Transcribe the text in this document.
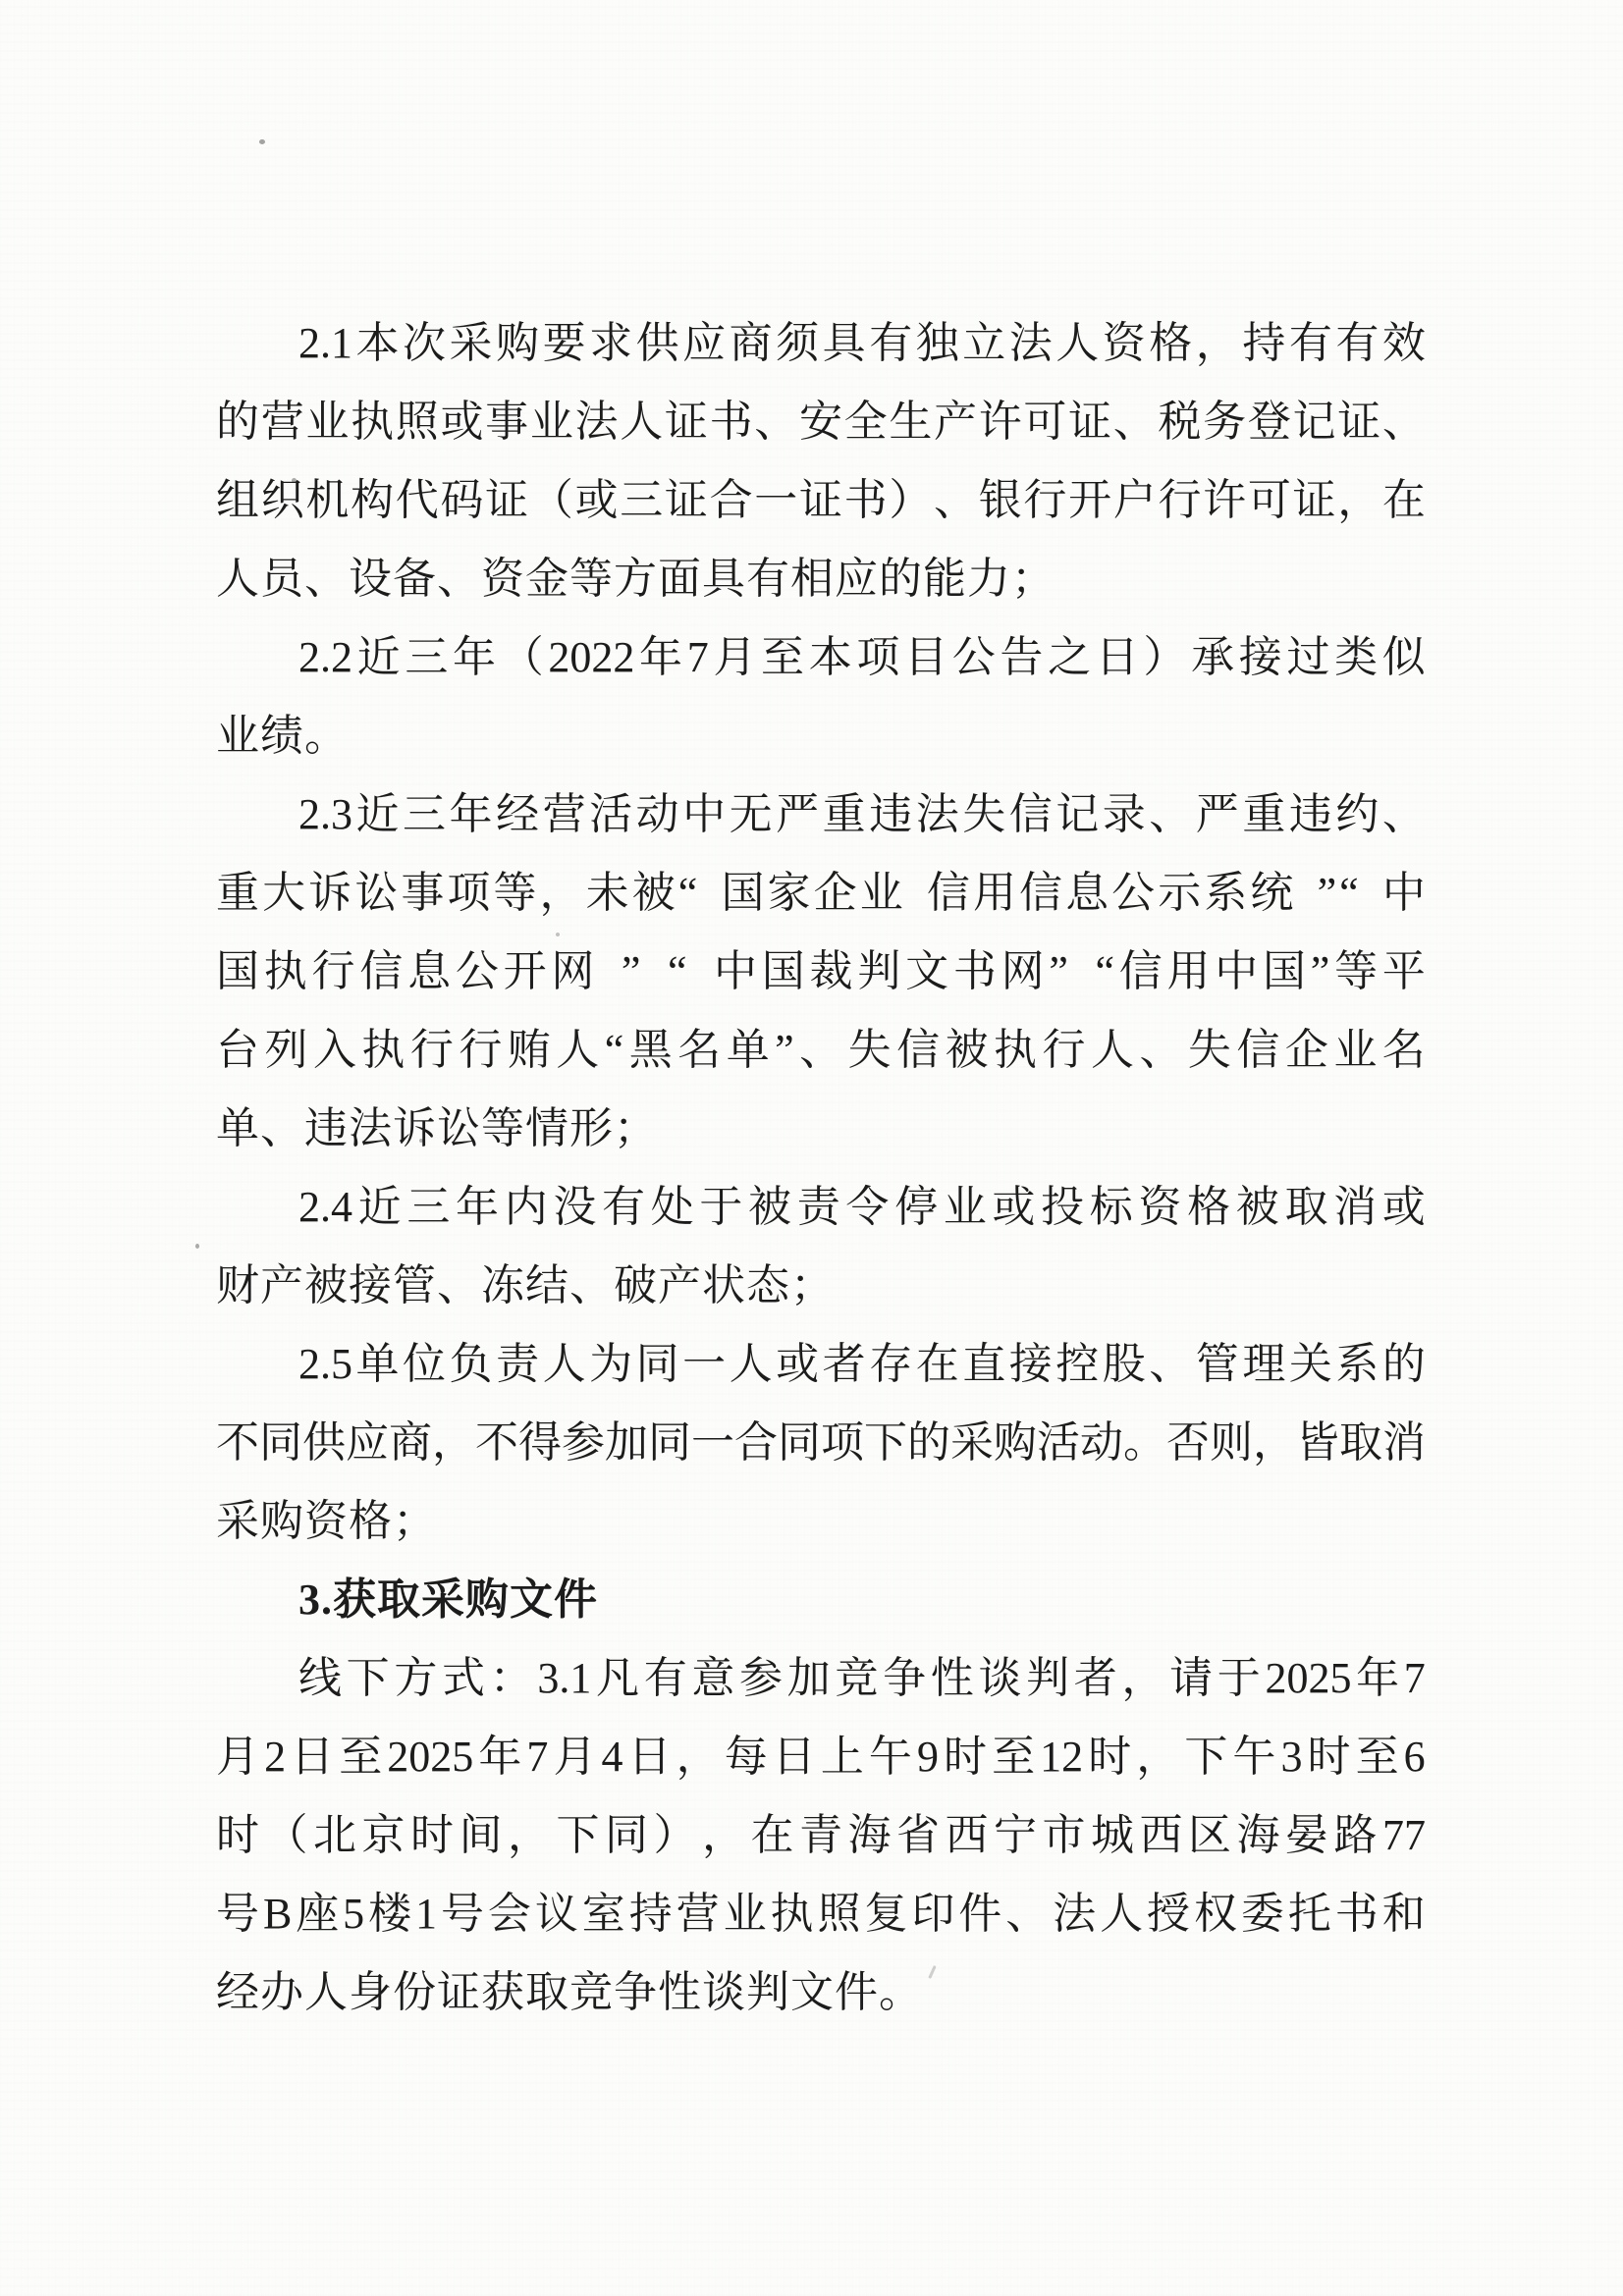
2.1 本 次 采 购 要 求 供 应 商 须 具 有 独 立 法 人 资 格 ， 持 有 有 效
的 营 业 执 照 或 事 业 法 人 证 书 、 安 全 生 产 许 可 证 、 税 务 登 记 证 、
组 织 机 构 代 码 证 （ 或 三 证 合 一 证 书 ） 、 银 行 开 户 行 许 可 证 ， 在
人员、设备、资金等方面具有相应的能力；
2.2 近 三 年 （ 2022 年 7 月 至 本 项 目 公 告 之 日 ） 承 接 过 类 似
业绩。
2.3 近 三 年 经 营 活 动 中 无 严 重 违 法 失 信 记 录 、 严 重 违 约 、
重 大 诉 讼 事 项 等 ， 未 被 “
国 家 企 业
信 用 信 息 公 示 系 统
” “
中
国 执 行 信 息 公 开 网
”
“
中 国 裁 判 文 书 网 ”
“ 信 用 中 国 ” 等 平
台 列 入 执 行 行 贿 人 “ 黑 名 单 ” 、 失 信 被 执 行 人 、 失 信 企 业 名
单、违法诉讼等情形；
2.4 近 三 年 内 没 有 处 于 被 责 令 停 业 或 投 标 资 格 被 取 消 或
财产被接管、冻结、破产状态；
2.5 单 位 负 责 人 为 同 一 人 或 者 存 在 直 接 控 股 、 管 理 关 系 的
不 同 供 应 商 ， 不 得 参 加 同 一 合 同 项 下 的 采 购 活 动 。 否 则 ， 皆 取 消
采购资格；
3.获取采购文件
线 下 方 式 ： 3.1 凡 有 意 参 加 竞 争 性 谈 判 者 ， 请 于 2025 年 7
月 2 日 至 2025 年 7 月 4 日 ， 每 日 上 午 9 时 至 12 时 ， 下 午 3 时 至 6
时 （ 北 京 时 间 ， 下 同 ） ， 在 青 海 省 西 宁 市 城 西 区 海 晏 路 77
号 B 座 5 楼 1 号 会 议 室 持 营 业 执 照 复 印 件 、 法 人 授 权 委 托 书 和
经办人身份证获取竞争性谈判文件。
